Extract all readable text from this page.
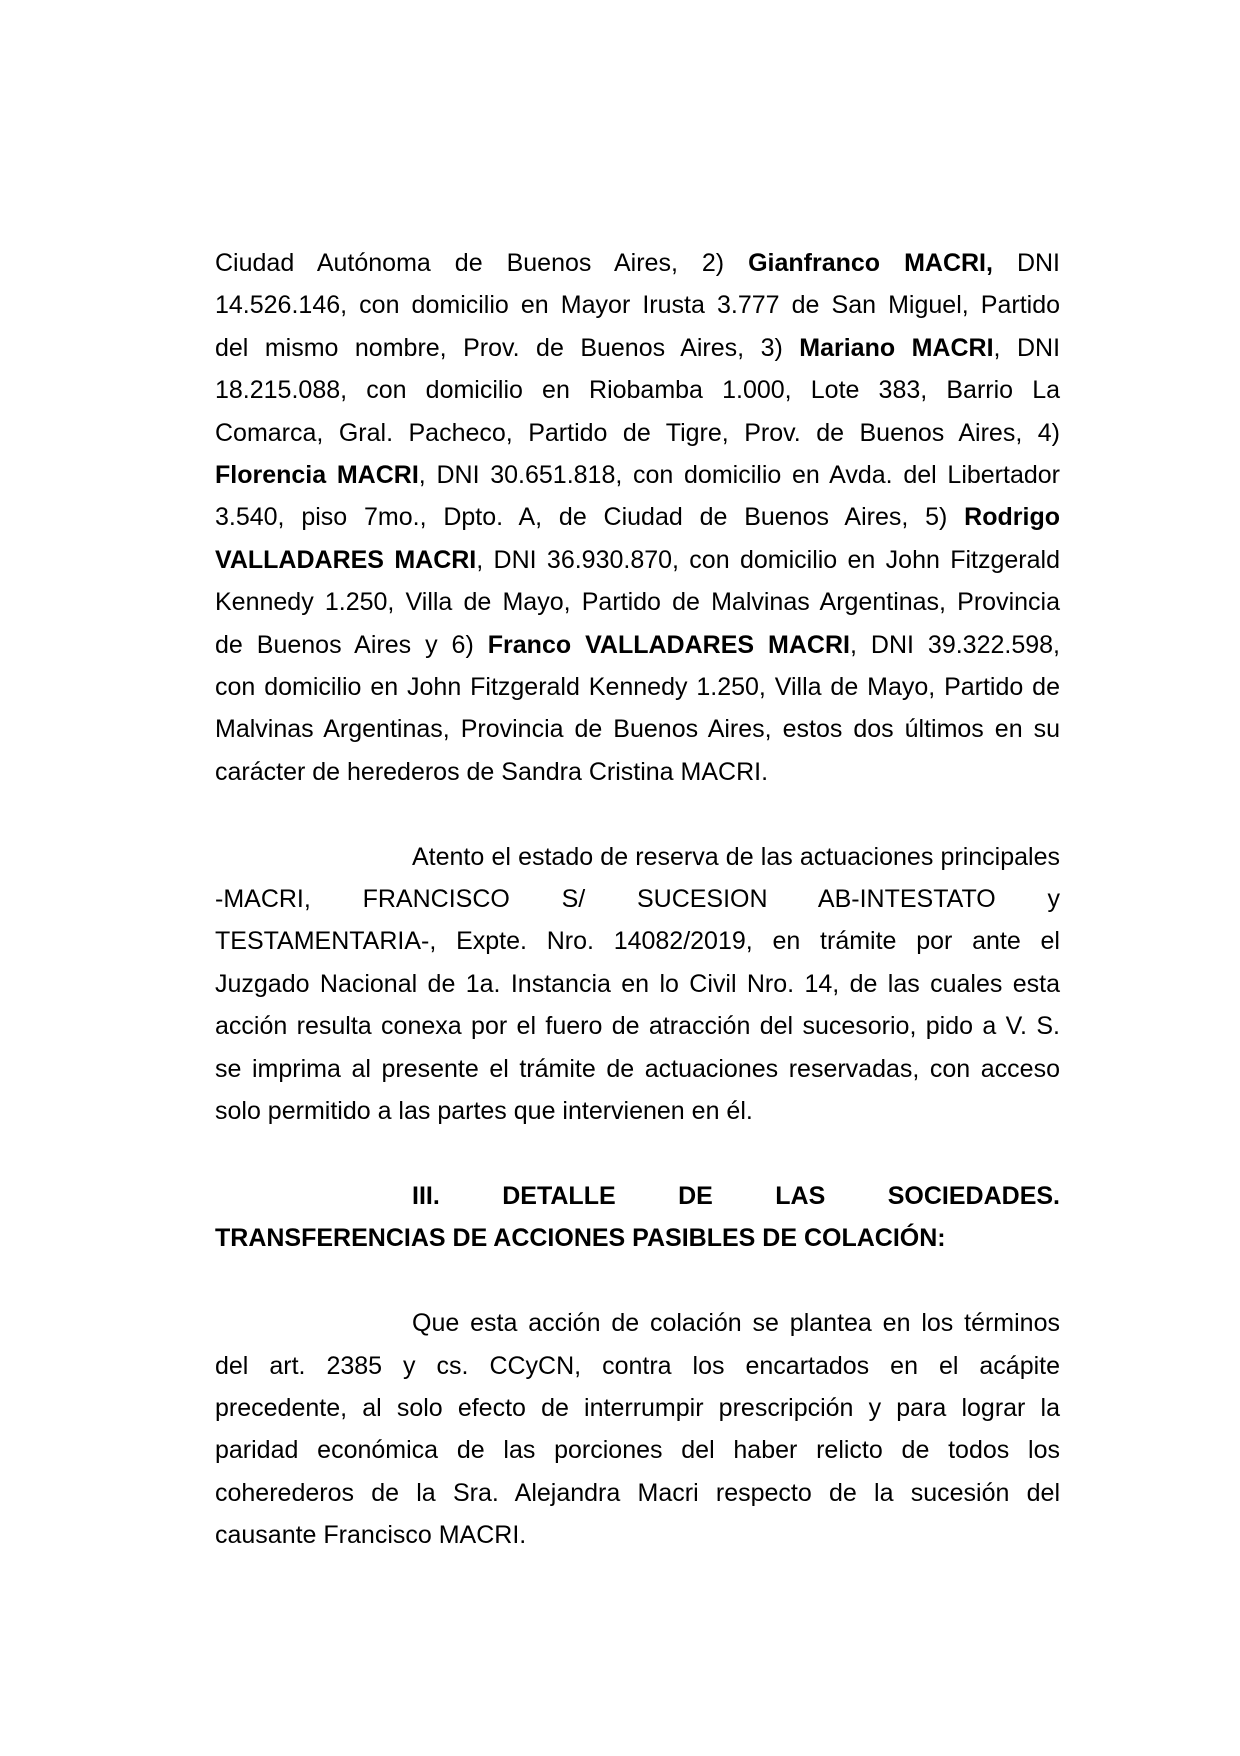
Ciudad Autónoma de Buenos Aires, 2) Gianfranco MACRI, DNI
14.526.146, con domicilio en Mayor Irusta 3.777 de San Miguel, Partido
del mismo nombre, Prov. de Buenos Aires, 3) Mariano MACRI, DNI
18.215.088, con domicilio en Riobamba 1.000, Lote 383, Barrio La
Comarca, Gral. Pacheco, Partido de Tigre, Prov. de Buenos Aires, 4)
Florencia MACRI, DNI 30.651.818, con domicilio en Avda. del Libertador
3.540, piso 7mo., Dpto. A, de Ciudad de Buenos Aires, 5) Rodrigo
VALLADARES MACRI, DNI 36.930.870, con domicilio en John Fitzgerald
Kennedy 1.250, Villa de Mayo, Partido de Malvinas Argentinas, Provincia
de Buenos Aires y 6) Franco VALLADARES MACRI, DNI 39.322.598,
con domicilio en John Fitzgerald Kennedy 1.250, Villa de Mayo, Partido de
Malvinas Argentinas, Provincia de Buenos Aires, estos dos últimos en su
carácter de herederos de Sandra Cristina MACRI.
Atento el estado de reserva de las actuaciones principales
-MACRI, FRANCISCO S/ SUCESION AB-INTESTATO y
TESTAMENTARIA-, Expte. Nro. 14082/2019, en trámite por ante el
Juzgado Nacional de 1a. Instancia en lo Civil Nro. 14, de las cuales esta
acción resulta conexa por el fuero de atracción del sucesorio, pido a V. S.
se imprima al presente el trámite de actuaciones reservadas, con acceso
solo permitido a las partes que intervienen en él.
III. DETALLE DE LAS SOCIEDADES.
TRANSFERENCIAS DE ACCIONES PASIBLES DE COLACIÓN:
Que esta acción de colación se plantea en los términos
del art. 2385 y cs. CCyCN, contra los encartados en el acápite
precedente, al solo efecto de interrumpir prescripción y para lograr la
paridad económica de las porciones del haber relicto de todos los
coherederos de la Sra. Alejandra Macri respecto de la sucesión del
causante Francisco MACRI.
